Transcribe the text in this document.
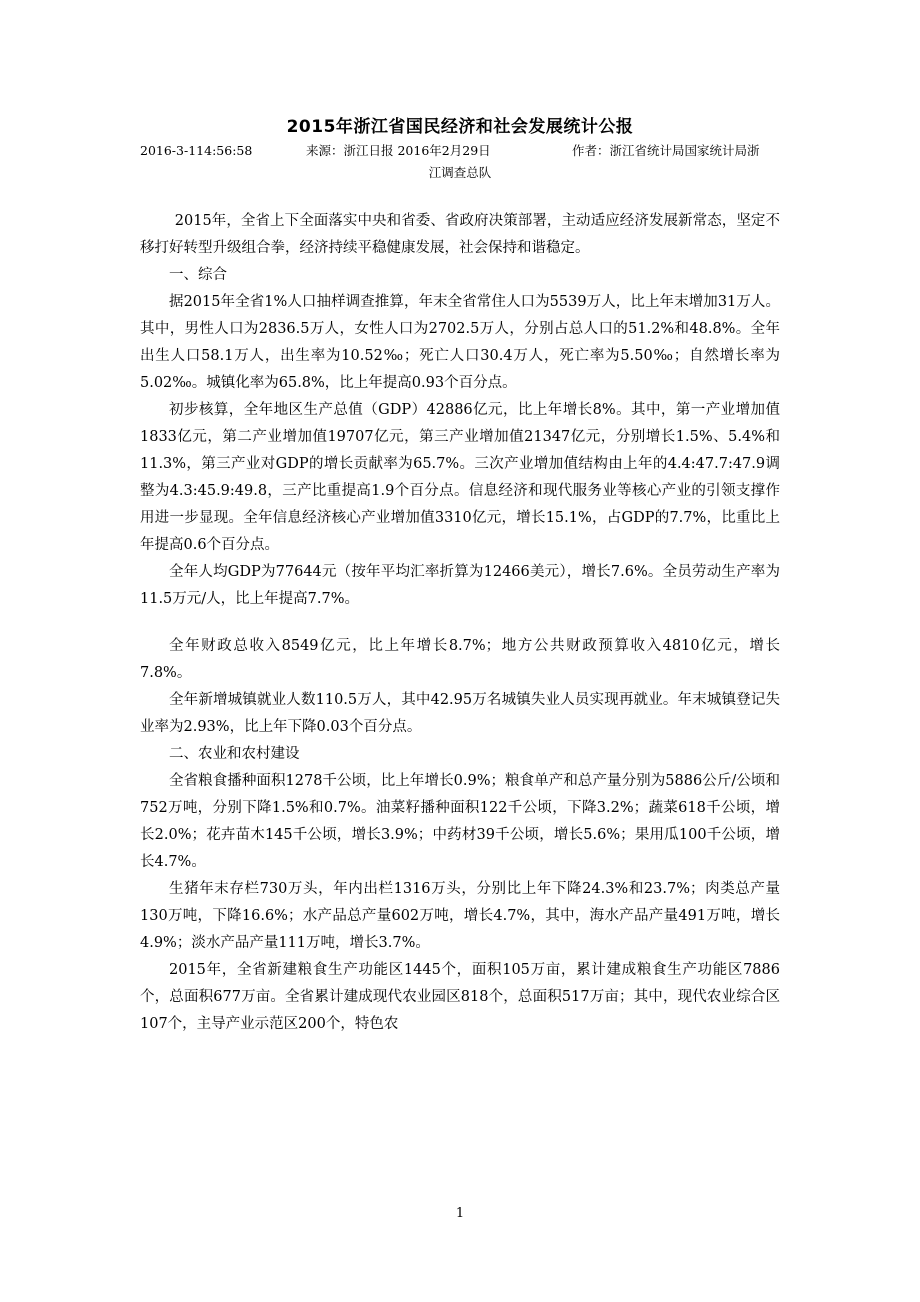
2015年浙江省国民经济和社会发展统计公报
2016-3-114:56:58	来源：浙江日报 2016年2月29日	作者：浙江省统计局国家统计局浙
江调查总队

2015年，全省上下全面落实中央和省委、省政府决策部署，主动适应经济发展新常态，坚定不移打好转型升级组合拳，经济持续平稳健康发展，社会保持和谐稳定。

一、综合

据2015年全省1%人口抽样调查推算，年末全省常住人口为5539万人，比上年末增加31万人。其中，男性人口为2836.5万人，女性人口为2702.5万人，分别占总人口的51.2%和48.8%。全年出生人口58.1万人，出生率为10.52‰；死亡人口30.4万人，死亡率为5.50‰；自然增长率为5.02‰。城镇化率为65.8%，比上年提高0.93个百分点。

初步核算，全年地区生产总值（GDP）42886亿元，比上年增长8%。其中，第一产业增加值1833亿元，第二产业增加值19707亿元，第三产业增加值21347亿元，分别增长1.5%、5.4%和11.3%，第三产业对GDP的增长贡献率为65.7%。三次产业增加值结构由上年的4.4:47.7:47.9调整为4.3:45.9:49.8，三产比重提高1.9个百分点。信息经济和现代服务业等核心产业的引领支撑作用进一步显现。全年信息经济核心产业增加值3310亿元，增长15.1%，占GDP的7.7%，比重比上年提高0.6个百分点。

全年人均GDP为77644元（按年平均汇率折算为12466美元），增长7.6%。全员劳动生产率为11.5万元/人，比上年提高7.7%。

全年财政总收入8549亿元，比上年增长8.7%；地方公共财政预算收入4810亿元，增长7.8%。

全年新增城镇就业人数110.5万人，其中42.95万名城镇失业人员实现再就业。年末城镇登记失业率为2.93%，比上年下降0.03个百分点。

二、农业和农村建设

全省粮食播种面积1278千公顷，比上年增长0.9%；粮食单产和总产量分别为5886公斤/公顷和752万吨，分别下降1.5%和0.7%。油菜籽播种面积122千公顷，下降3.2%；蔬菜618千公顷，增长2.0%；花卉苗木145千公顷，增长3.9%；中药材39千公顷，增长5.6%；果用瓜100千公顷，增长4.7%。

生猪年末存栏730万头，年内出栏1316万头，分别比上年下降24.3%和23.7%；肉类总产量130万吨，下降16.6%；水产品总产量602万吨，增长4.7%，其中，海水产品产量491万吨，增长4.9%；淡水产品产量111万吨，增长3.7%。

2015年，全省新建粮食生产功能区1445个，面积105万亩，累计建成粮食生产功能区7886个，总面积677万亩。全省累计建成现代农业园区818个，总面积517万亩；其中，现代农业综合区107个，主导产业示范区200个，特色农

1
